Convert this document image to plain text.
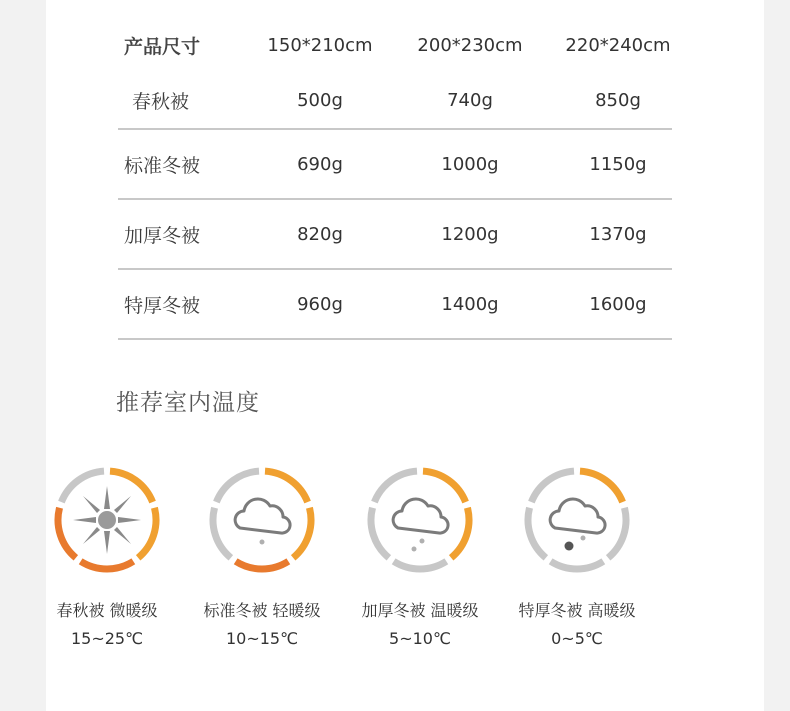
产品尺寸	150*210cm 200*230cm 220*240cm
春秋被	500g	740g	850g
标准冬被	690g	1000g	1150g
加厚冬被	820g	1200g	1370g
特厚冬被	960g	1400g	1600g
推荐室内温度
春秋被 微暖级
15~25℃
标准冬被 轻暖级
10~15℃
加厚冬被 温暖级
5~10℃
特厚冬被 高暖级
0~5℃
